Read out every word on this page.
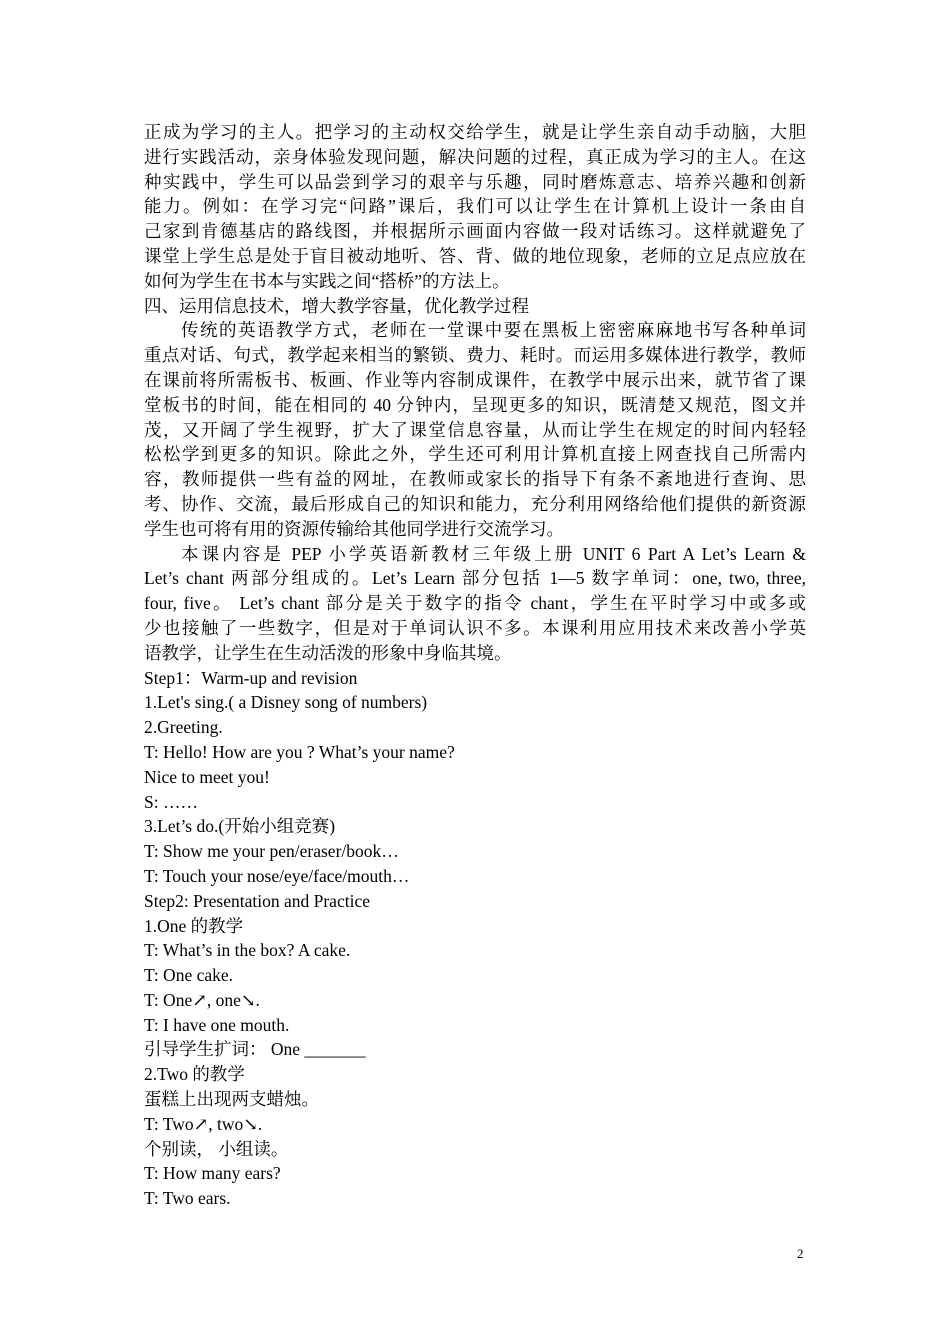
正成为学习的主人。把学习的主动权交给学生，就是让学生亲自动手动脑，大胆
进行实践活动，亲身体验发现问题，解决问题的过程，真正成为学习的主人。在这
种实践中，学生可以品尝到学习的艰辛与乐趣，同时磨炼意志、培养兴趣和创新
能力。例如：在学习完“问路”课后，我们可以让学生在计算机上设计一条由自
己家到肯德基店的路线图，并根据所示画面内容做一段对话练习。这样就避免了
课堂上学生总是处于盲目被动地听、答、背、做的地位现象，老师的立足点应放在
如何为学生在书本与实践之间“搭桥”的方法上。
四、运用信息技术，增大教学容量，优化教学过程
传统的英语教学方式，老师在一堂课中要在黑板上密密麻麻地书写各种单词
重点对话、句式，教学起来相当的繁锁、费力、耗时。而运用多媒体进行教学，教师
在课前将所需板书、板画、作业等内容制成课件，在教学中展示出来，就节省了课
堂板书的时间，能在相同的 40 分钟内，呈现更多的知识，既清楚又规范，图文并
茂，又开阔了学生视野，扩大了课堂信息容量，从而让学生在规定的时间内轻轻
松松学到更多的知识。除此之外，学生还可利用计算机直接上网查找自己所需内
容，教师提供一些有益的网址，在教师或家长的指导下有条不紊地进行查询、思
考、协作、交流，最后形成自己的知识和能力，充分利用网络给他们提供的新资源
学生也可将有用的资源传输给其他同学进行交流学习。
本课内容是 PEP 小学英语新教材三年级上册 UNIT 6 Part A Let’s Learn &
Let’s chant 两部分组成的。Let’s Learn 部分包括 1—5 数字单词：one, two, three,
four, five。 Let’s chant 部分是关于数字的指令 chant，学生在平时学习中或多或
少也接触了一些数字，但是对于单词认识不多。本课利用应用技术来改善小学英
语教学，让学生在生动活泼的形象中身临其境。
Step1：Warm-up and revision
1.Let's sing.( a Disney song of numbers)
2.Greeting.
T: Hello! How are you ? What’s your name?
Nice to meet you!
S: ……
3.Let’s do.(开始小组竞赛)
T: Show me your pen/eraser/book…
T: Touch your nose/eye/face/mouth…
Step2: Presentation and Practice
1.One 的教学
T: What’s in the box? A cake.
T: One cake.
T: One↗, one↘.
T: I have one mouth.
引导学生扩词： One _______
2.Two 的教学
蛋糕上出现两支蜡烛。
T: Two↗, two↘.
个别读， 小组读。
T: How many ears?
T: Two ears.
2
